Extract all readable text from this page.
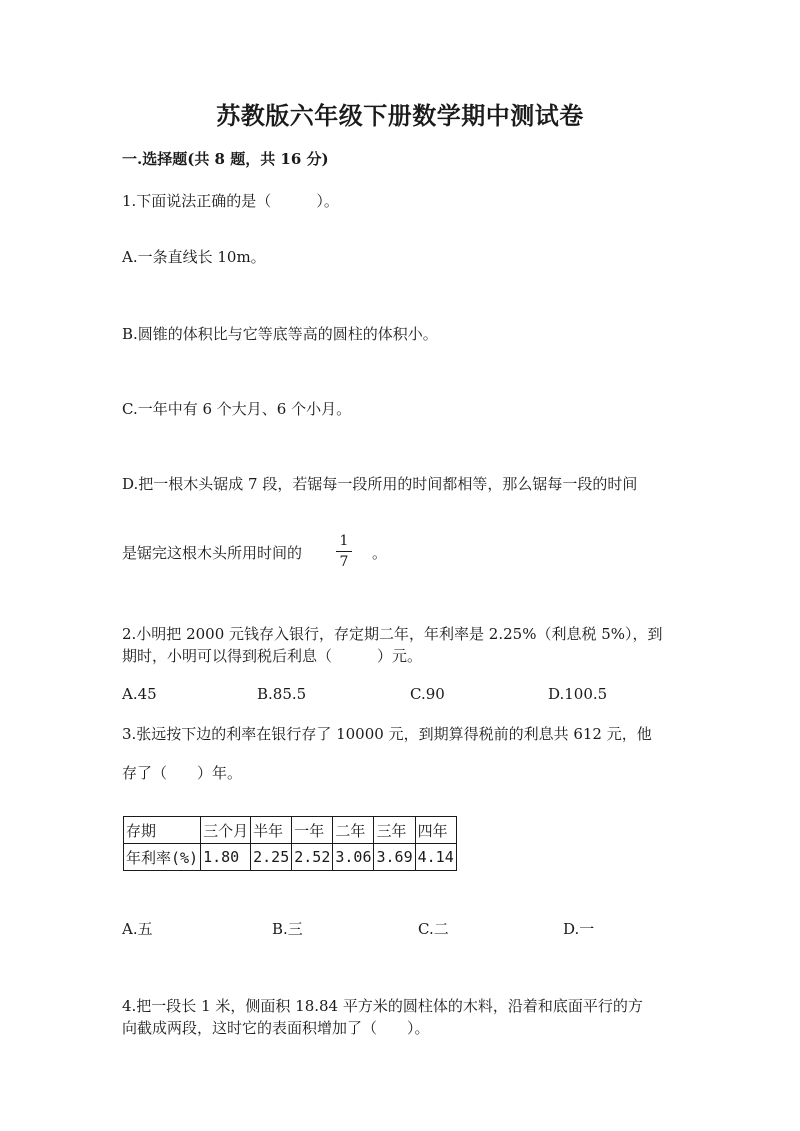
苏教版六年级下册数学期中测试卷
一.选择题(共 8 题，共 16 分)
1.下面说法正确的是（　　　）。
A.一条直线长 10m。
B.圆锥的体积比与它等底等高的圆柱的体积小。
C.一年中有 6 个大月、6 个小月。
D.把一根木头锯成 7 段，若锯每一段所用的时间都相等，那么锯每一段的时间
是锯完这根木头所用时间的
1
7 。
2.小明把 2000 元钱存入银行，存定期二年，年利率是 2.25%（利息税 5%），到
期时，小明可以得到税后利息（　　　）元。
A.45	B.85.5	C.90	D.100.5
3.张远按下边的利率在银行存了 10000 元，到期算得税前的利息共 612 元，他
存了（　　）年。
存期	三个月	半年	一年	二年	三年	四年
年利率(%)	1.80	2.25	2.52	3.06	3.69	4.14
A.五	B.三	C.二	D.一
4.把一段长 1 米，侧面积 18.84 平方米的圆柱体的木料，沿着和底面平行的方
向截成两段，这时它的表面积增加了（　　）。
